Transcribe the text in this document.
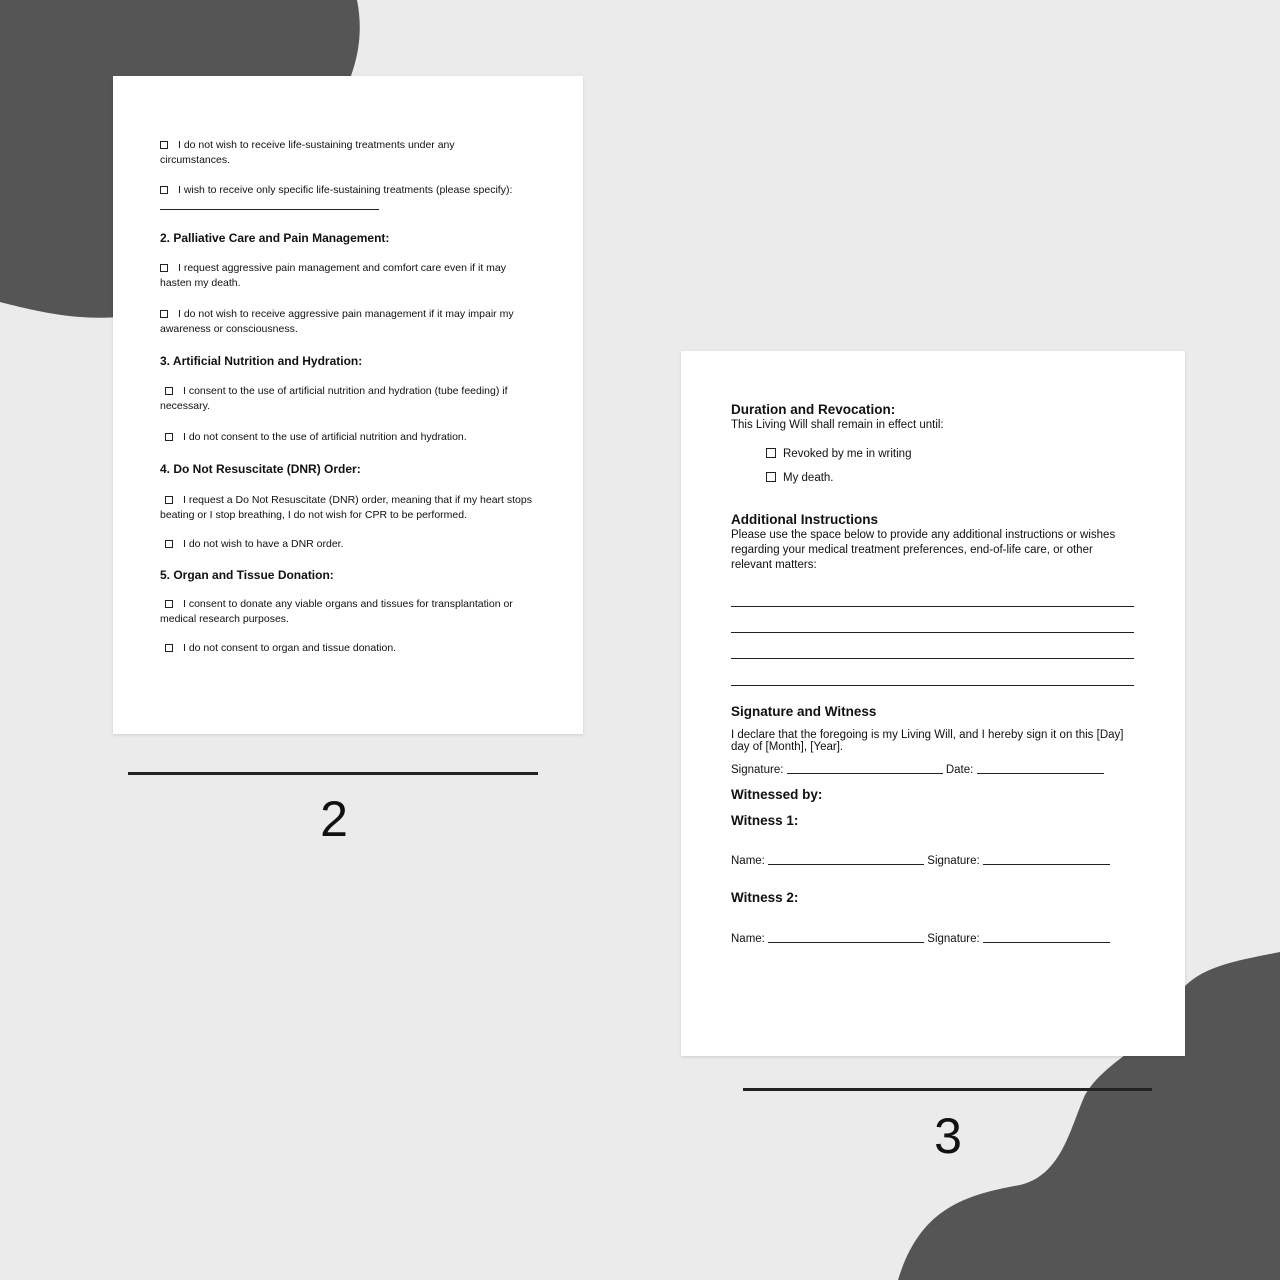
I do not wish to receive life-sustaining treatments under any circumstances.
I wish to receive only specific life-sustaining treatments (please specify):
2. Palliative Care and Pain Management:
I request aggressive pain management and comfort care even if it may hasten my death.
I do not wish to receive aggressive pain management if it may impair my awareness or consciousness.
3. Artificial Nutrition and Hydration:
I consent to the use of artificial nutrition and hydration (tube feeding) if necessary.
I do not consent to the use of artificial nutrition and hydration.
4. Do Not Resuscitate (DNR) Order:
I request a Do Not Resuscitate (DNR) order, meaning that if my heart stops beating or I stop breathing, I do not wish for CPR to be performed.
I do not wish to have a DNR order.
5. Organ and Tissue Donation:
I consent to donate any viable organs and tissues for transplantation or medical research purposes.
I do not consent to organ and tissue donation.
2
Duration and Revocation:
This Living Will shall remain in effect until:
Revoked by me in writing
My death.
Additional Instructions
Please use the space below to provide any additional instructions or wishes regarding your medical treatment preferences, end-of-life care, or other relevant matters:
Signature and Witness
I declare that the foregoing is my Living Will, and I hereby sign it on this [Day] day of [Month], [Year].
Signature:	Date:
Witnessed by:
Witness 1:
Name:	Signature:
Witness 2:
Name:	Signature:
3
